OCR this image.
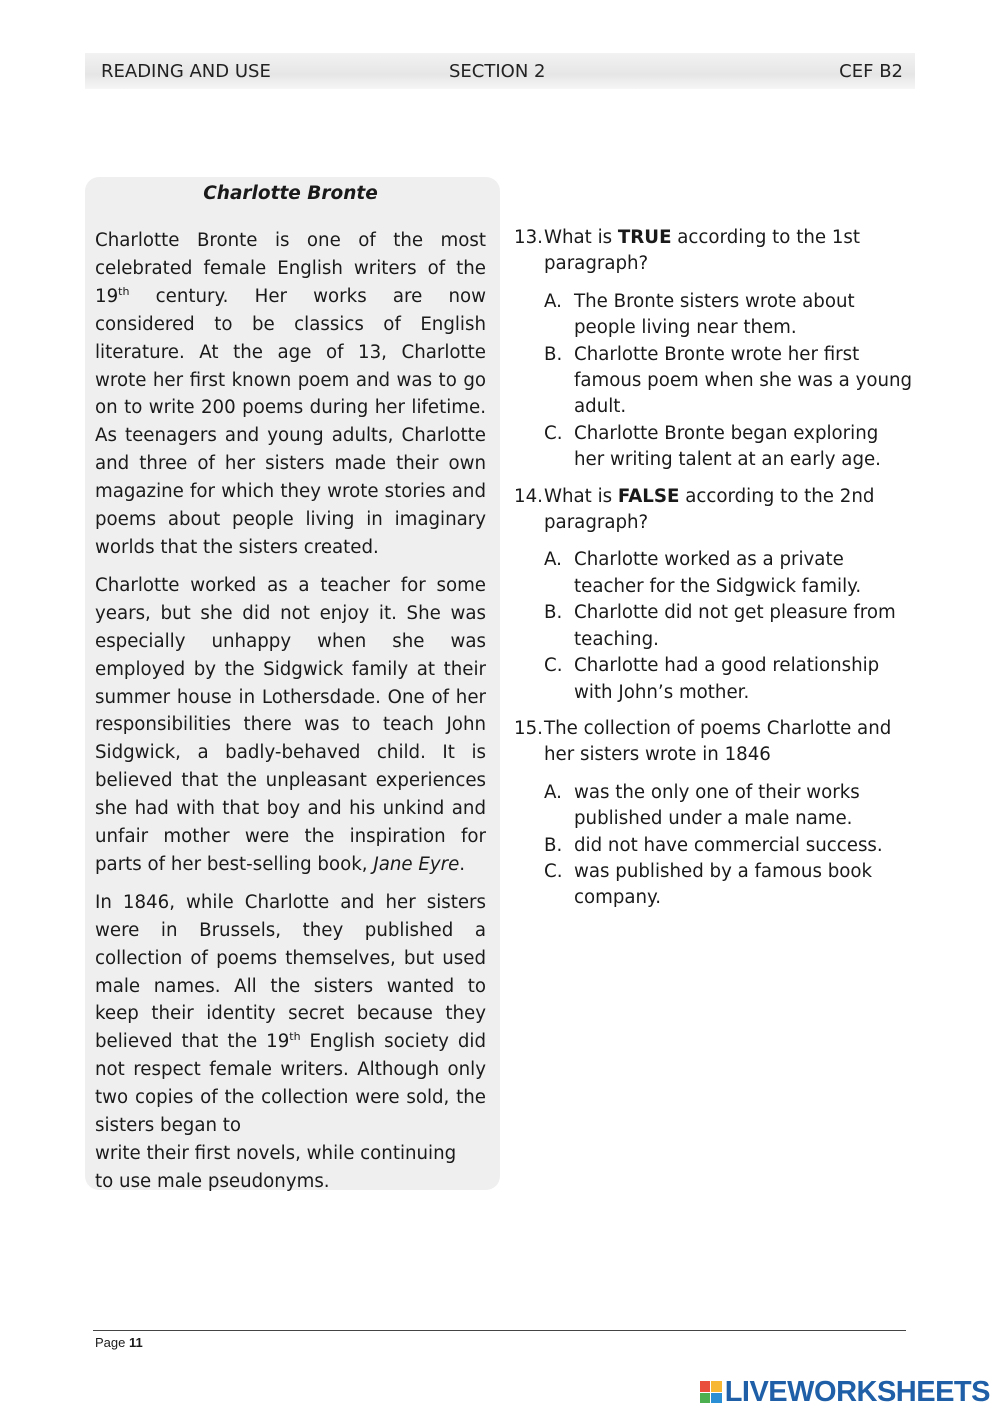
READING AND USE	SECTION 2	CEF B2
Charlotte Bronte

Charlotte Bronte is one of the most celebrated female English writers of the 19th century. Her works are now considered to be classics of English literature. At the age of 13, Charlotte wrote her first known poem and was to go on to write 200 poems during her lifetime. As teenagers and young adults, Charlotte and three of her sisters made their own magazine for which they wrote stories and poems about people living in imaginary worlds that the sisters created.

Charlotte worked as a teacher for some years, but she did not enjoy it. She was especially unhappy when she was employed by the Sidgwick family at their summer house in Lothersdade. One of her responsibilities there was to teach John Sidgwick, a badly-behaved child. It is believed that the unpleasant experiences she had with that boy and his unkind and unfair mother were the inspiration for parts of her best-selling book, Jane Eyre.

In 1846, while Charlotte and her sisters were in Brussels, they published a collection of poems themselves, but used male names. All the sisters wanted to keep their identity secret because they believed that the 19th English society did not respect female writers. Although only two copies of the collection were sold, the sisters began to

write their first novels, while continuing

to use male pseudonyms.

13. What is TRUE according to the 1st paragraph?
A. The Bronte sisters wrote about people living near them.
B. Charlotte Bronte wrote her first famous poem when she was a young adult.
C. Charlotte Bronte began exploring her writing talent at an early age.
14. What is FALSE according to the 2nd paragraph?
A. Charlotte worked as a private teacher for the Sidgwick family.
B. Charlotte did not get pleasure from teaching.
C. Charlotte had a good relationship with John’s mother.
15. The collection of poems Charlotte and her sisters wrote in 1846
A. was the only one of their works published under a male name.
B. did not have commercial success.
C. was published by a famous book company.
Page 11
LIVEWORKSHEETS
